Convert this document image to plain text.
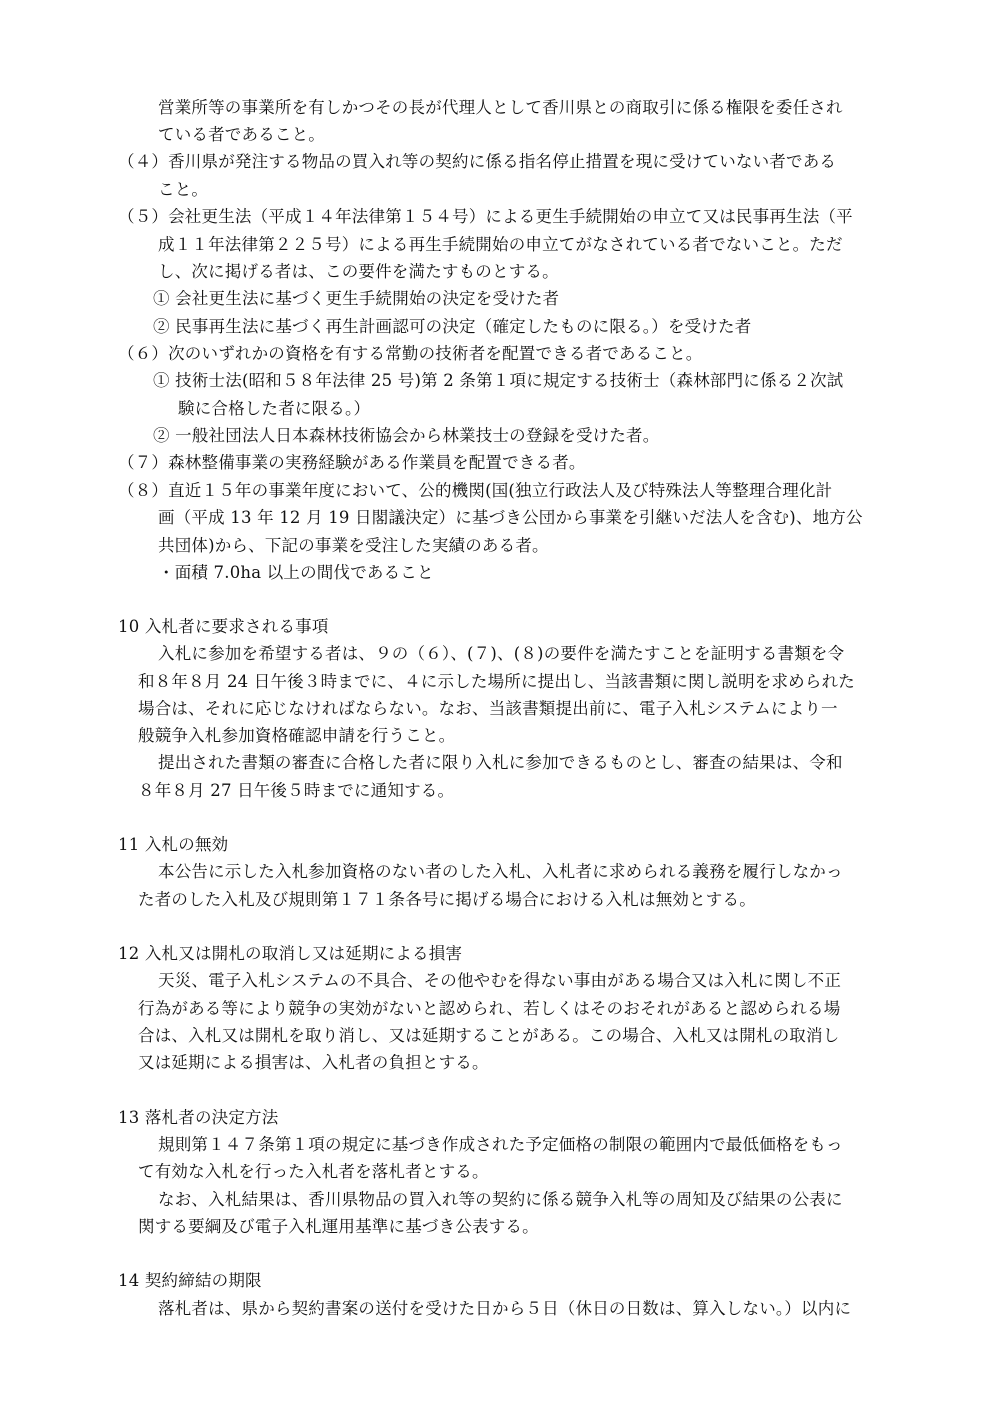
営業所等の事業所を有しかつその長が代理人として香川県との商取引に係る権限を委任され
ている者であること。
（４）香川県が発注する物品の買入れ等の契約に係る指名停止措置を現に受けていない者である
こと。
（５）会社更生法（平成１４年法律第１５４号）による更生手続開始の申立て又は民事再生法（平
成１１年法律第２２５号）による再生手続開始の申立てがなされている者でないこと。ただ
し、次に掲げる者は、この要件を満たすものとする。
① 会社更生法に基づく更生手続開始の決定を受けた者
② 民事再生法に基づく再生計画認可の決定（確定したものに限る。）を受けた者
（６）次のいずれかの資格を有する常勤の技術者を配置できる者であること。
① 技術士法(昭和５８年法律 25 号)第 2 条第１項に規定する技術士（森林部門に係る２次試
験に合格した者に限る。）
② 一般社団法人日本森林技術協会から林業技士の登録を受けた者。
（７）森林整備事業の実務経験がある作業員を配置できる者。
（８）直近１５年の事業年度において、公的機関(国(独立行政法人及び特殊法人等整理合理化計
画（平成 13 年 12 月 19 日閣議決定）に基づき公団から事業を引継いだ法人を含む)、地方公
共団体)から、下記の事業を受注した実績のある者。
・面積 7.0ha 以上の間伐であること
10 入札者に要求される事項
入札に参加を希望する者は、９の（６）、(７)、(８)の要件を満たすことを証明する書類を令
和８年８月 24 日午後３時までに、４に示した場所に提出し、当該書類に関し説明を求められた
場合は、それに応じなければならない。なお、当該書類提出前に、電子入札システムにより一
般競争入札参加資格確認申請を行うこと。
提出された書類の審査に合格した者に限り入札に参加できるものとし、審査の結果は、令和
８年８月 27 日午後５時までに通知する。
11 入札の無効
本公告に示した入札参加資格のない者のした入札、入札者に求められる義務を履行しなかっ
た者のした入札及び規則第１７１条各号に掲げる場合における入札は無効とする。
12 入札又は開札の取消し又は延期による損害
天災、電子入札システムの不具合、その他やむを得ない事由がある場合又は入札に関し不正
行為がある等により競争の実効がないと認められ、若しくはそのおそれがあると認められる場
合は、入札又は開札を取り消し、又は延期することがある。この場合、入札又は開札の取消し
又は延期による損害は、入札者の負担とする。
13 落札者の決定方法
規則第１４７条第１項の規定に基づき作成された予定価格の制限の範囲内で最低価格をもっ
て有効な入札を行った入札者を落札者とする。
なお、入札結果は、香川県物品の買入れ等の契約に係る競争入札等の周知及び結果の公表に
関する要綱及び電子入札運用基準に基づき公表する。
14 契約締結の期限
落札者は、県から契約書案の送付を受けた日から５日（休日の日数は、算入しない。）以内に
